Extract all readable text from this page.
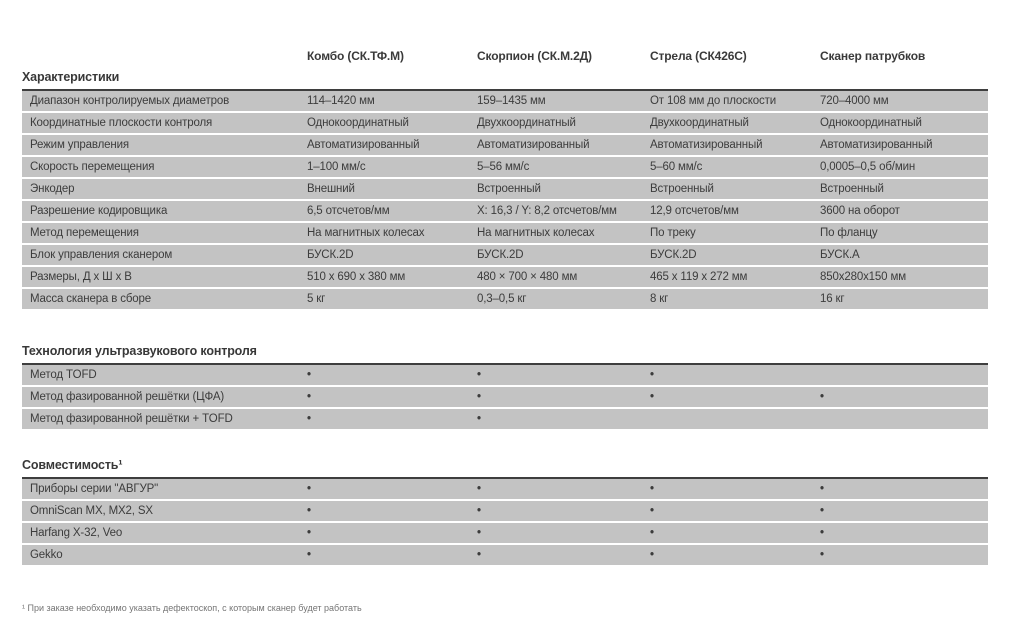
Комбо (СК.ТФ.М)	Скорпион (СК.М.2Д)	Стрела (СК426С)	Сканер патрубков
Характеристики
Диапазон контролируемых диаметров	114–1420 мм	159–1435 мм	От 108 мм до плоскости	720–4000 мм
Координатные плоскости контроля	Однокоординатный	Двухкоординатный	Двухкоординатный	Однокоординатный
Режим управления	Автоматизированный	Автоматизированный	Автоматизированный	Автоматизированный
Скорость перемещения	1–100 мм/с	5–56 мм/с	5–60 мм/с	0,0005–0,5 об/мин
Энкодер	Внешний	Встроенный	Встроенный	Встроенный
Разрешение кодировщика	6,5 отсчетов/мм	X: 16,3 / Y: 8,2 отсчетов/мм	12,9 отсчетов/мм	3600 на оборот
Метод перемещения	На магнитных колесах	На магнитных колесах	По треку	По фланцу
Блок управления сканером	БУСК.2D	БУСК.2D	БУСК.2D	БУСК.А
Размеры, Д х Ш х В	510 x 690 x 380 мм	480 × 700 × 480 мм	465 x 119 x 272 мм	850x280x150 мм
Масса сканера в сборе	5 кг	0,3–0,5 кг	8 кг	16 кг
Технология ультразвукового контроля
Метод TOFD	•	•	•
Метод фазированной решётки (ЦФА)	•	•	•	•
Метод фазированной решётки + TOFD	•	•
Совместимость¹
Приборы серии "АВГУР"	•	•	•	•
OmniScan MX, MX2, SX	•	•	•	•
Harfang X-32, Veo	•	•	•	•
Gekko	•	•	•	•
¹ При заказе необходимо указать дефектоскоп, с которым сканер будет работать
